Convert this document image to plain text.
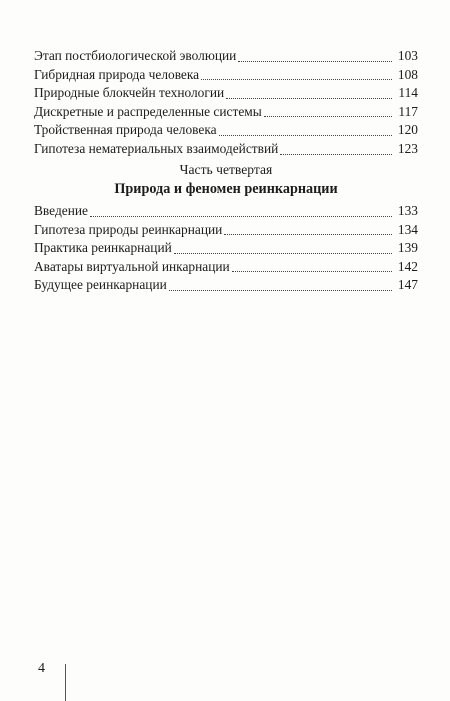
Этап постбиологической эволюции	103
Гибридная природа человека	108
Природные блокчейн технологии	114
Дискретные и распределенные системы	117
Тройственная природа человека	120
Гипотеза нематериальных взаимодействий	123
Часть четвертая
Природа и феномен реинкарнации
Введение	133
Гипотеза природы реинкарнации	134
Практика реинкарнаций	139
Аватары виртуальной инкарнации	142
Будущее реинкарнации	147
4
